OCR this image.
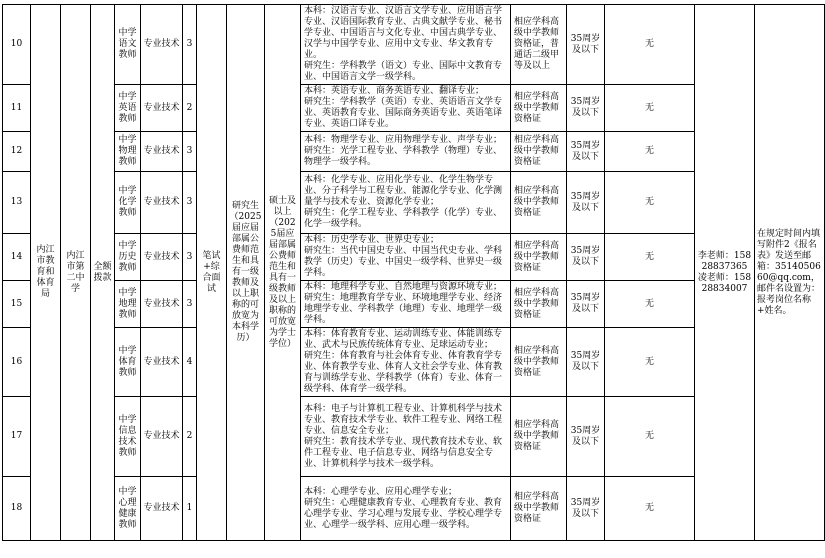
10	内江市教育和体育局	内江市第二中学	全额拨款	中学语文教师	专业技术	3	笔试+综合面试	研究生（2025届应届部属公费师范生和具有一级教师及以上职称的可放宽为本科学历）	硕士及以上（2025届应届部属公费师范生和具有一级教师及以上职称的可放宽为学士学位）	本科：汉语言专业、汉语言文学专业、应用语言学专业、汉语国际教育专业、古典文献学专业、秘书学专业、中国语言与文化专业、中国古典学专业、汉学与中国学专业、应用中文专业、华文教育专业。
研究生：学科教学（语文）专业、国际中文教育专业、中国语言文学一级学科。	相应学科高级中学教师资格证，普通话二级甲等及以上	35周岁及以下	无	李老师：15828837365 凌老师：15828834007	在规定时间内填写附件2《报名表》发送至邮箱：3514050660@qq.com，邮件名设置为：报考岗位名称+姓名。
11				中学英语教师	专业技术	2				本科：英语专业、商务英语专业、翻译专业；
研究生：学科教学（英语）专业、英语语言文学专业、英语教育专业、国际商务英语专业、英语笔译专业、英语口译专业。	相应学科高级中学教师资格证	35周岁及以下	无		
12				中学物理教师	专业技术	3				本科：物理学专业、应用物理学专业、声学专业；
研究生：光学工程专业、学科教学（物理）专业、物理学一级学科。	相应学科高级中学教师资格证	35周岁及以下	无		
13				中学化学教师	专业技术	3				本科：化学专业、应用化学专业、化学生物学专业、分子科学与工程专业、能源化学专业、化学测量学与技术专业、资源化学专业；
研究生：化学工程专业、学科教学（化学）专业、化学一级学科。	相应学科高级中学教师资格证	35周岁及以下	无		
14				中学历史教师	专业技术	3				本科：历史学专业、世界史专业；
研究生：当代中国史专业、中国当代史专业、学科教学（历史）专业、中国史一级学科、世界史一级学科。	相应学科高级中学教师资格证	35周岁及以下	无		
15				中学地理教师	专业技术	3				本科：地理科学专业、自然地理与资源环境专业；
研究生：地理教育学专业、环境地理学专业、经济地理学专业、学科教学（地理）专业、地理学一级学科。	相应学科高级中学教师资格证	35周岁及以下	无		
16				中学体育教师	专业技术	4				本科：体育教育专业、运动训练专业、体能训练专业、武术与民族传统体育专业、足球运动专业；
研究生：体育教育与社会体育专业、体育教育学专业、体育教学专业、体育人文社会学专业、体育教育与训练学专业、学科教学（体育）专业、体育一级学科、体育学一级学科。	相应学科高级中学教师资格证	35周岁及以下	无		
17				中学信息技术教师	专业技术	2				本科：电子与计算机工程专业、计算机科学与技术专业、教育技术学专业、软件工程专业、网络工程专业、信息安全专业；
研究生：教育技术学专业、现代教育技术专业、软件工程专业、电子信息专业、网络与信息安全专业、计算机科学与技术一级学科。	相应学科高级中学教师资格证	35周岁及以下	无		
18				中学心理健康教师	专业技术	1				本科：心理学专业、应用心理学专业；
研究生：心理健康教育专业、心理教育专业、教育心理学专业、学习心理与发展专业、学校心理学专业、心理学一级学科、应用心理一级学科。	相应学科高级中学教师资格证	35周岁及以下	无		
